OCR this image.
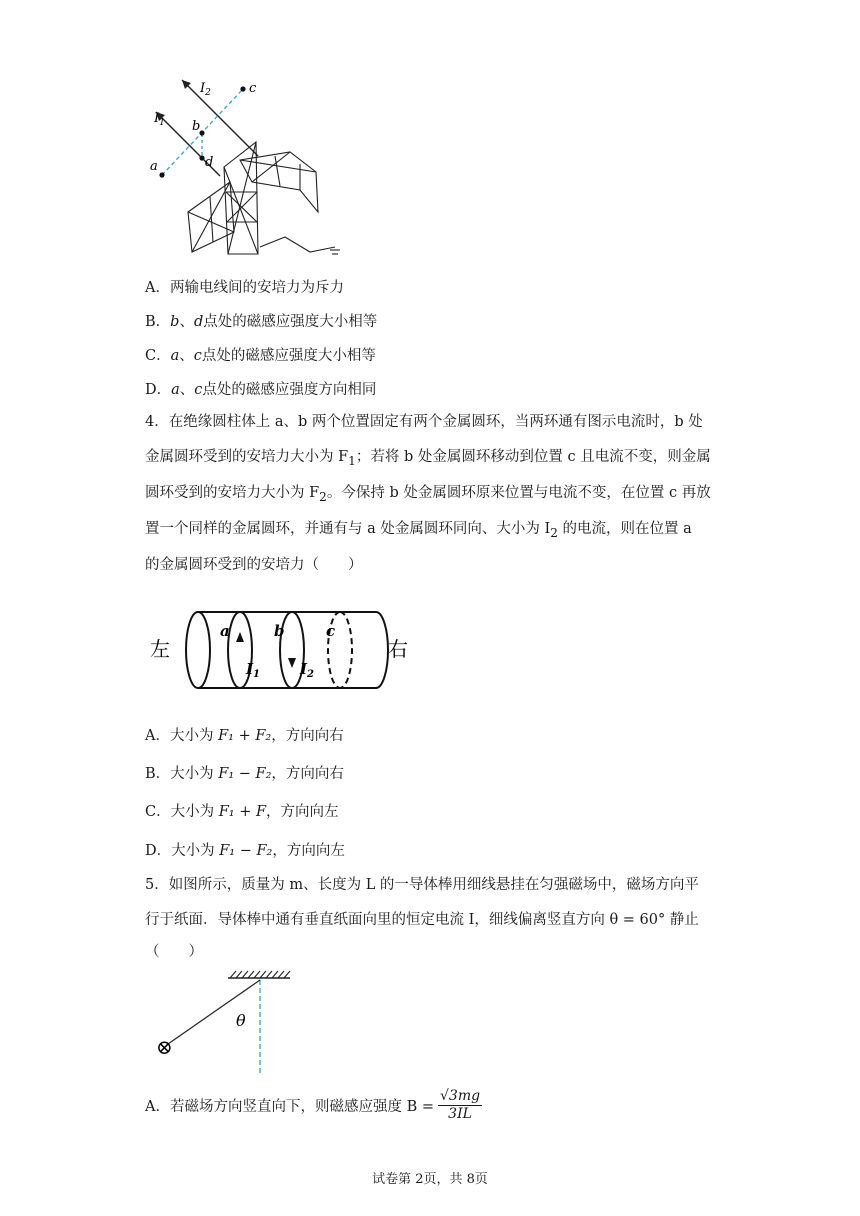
$I_2$
$I_1$
c
b
d
a
A．两输电线间的安培力为斥力
B．b、d点处的磁感应强度大小相等
C．a、c点处的磁感应强度大小相等
D．a、c点处的磁感应强度方向相同
4．在绝缘圆柱体上 a、b 两个位置固定有两个金属圆环，当两环通有图示电流时，b 处
金属圆环受到的安培力大小为 $F_1$；若将 b 处金属圆环移动到位置 c 且电流不变，则金属
圆环受到的安培力大小为 $F_2$。今保持 b 处金属圆环原来位置与电流不变，在位置 c 再放
置一个同样的金属圆环，并通有与 a 处金属圆环同向、大小为 $I_2$ 的电流，则在位置 a
的金属圆环受到的安培力（　　）
左	右
a	b	c
$I_1$	$I_2$
A．大小为 F₁ + F₂，方向向右
B．大小为 F₁ − F₂，方向向右
C．大小为 F₁ + F，方向向左
D．大小为 F₁ − F₂，方向向左
5．如图所示，质量为 m、长度为 L 的一导体棒用细线悬挂在匀强磁场中，磁场方向平
行于纸面．导体棒中通有垂直纸面向里的恒定电流 I，细线偏离竖直方向 θ = 60° 静止
（　　）
θ
⊗
A．若磁场方向竖直向下，则磁感应强度 $B = \frac{√3mg}{3IL}$
试卷第 2页，共 8页
